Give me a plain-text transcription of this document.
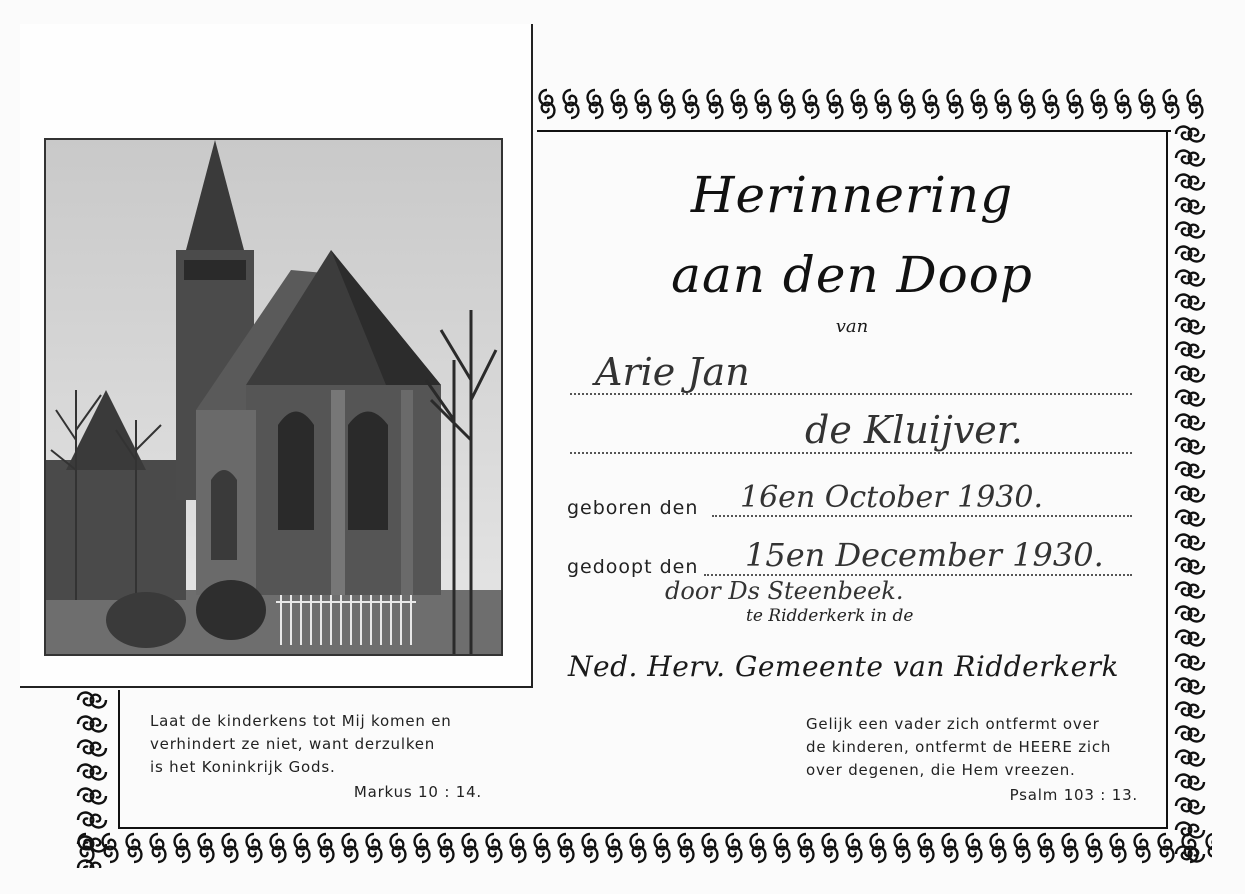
Herinnering
aan den Doop
van
Arie Jan
de Kluijver.
geboren den 16en October 1930.
gedoopt den 15en December 1930.
door Ds Steenbeek.
te Ridderkerk in de
Ned. Herv. Gemeente van Ridderkerk
Laat de kinderkens tot Mij komen en
verhindert ze niet, want derzulken
is het Koninkrijk Gods.
Markus 10 : 14.
Gelijk een vader zich ontfermt over
de kinderen, ontfermt de HEERE zich
over degenen, die Hem vreezen.
Psalm 103 : 13.
